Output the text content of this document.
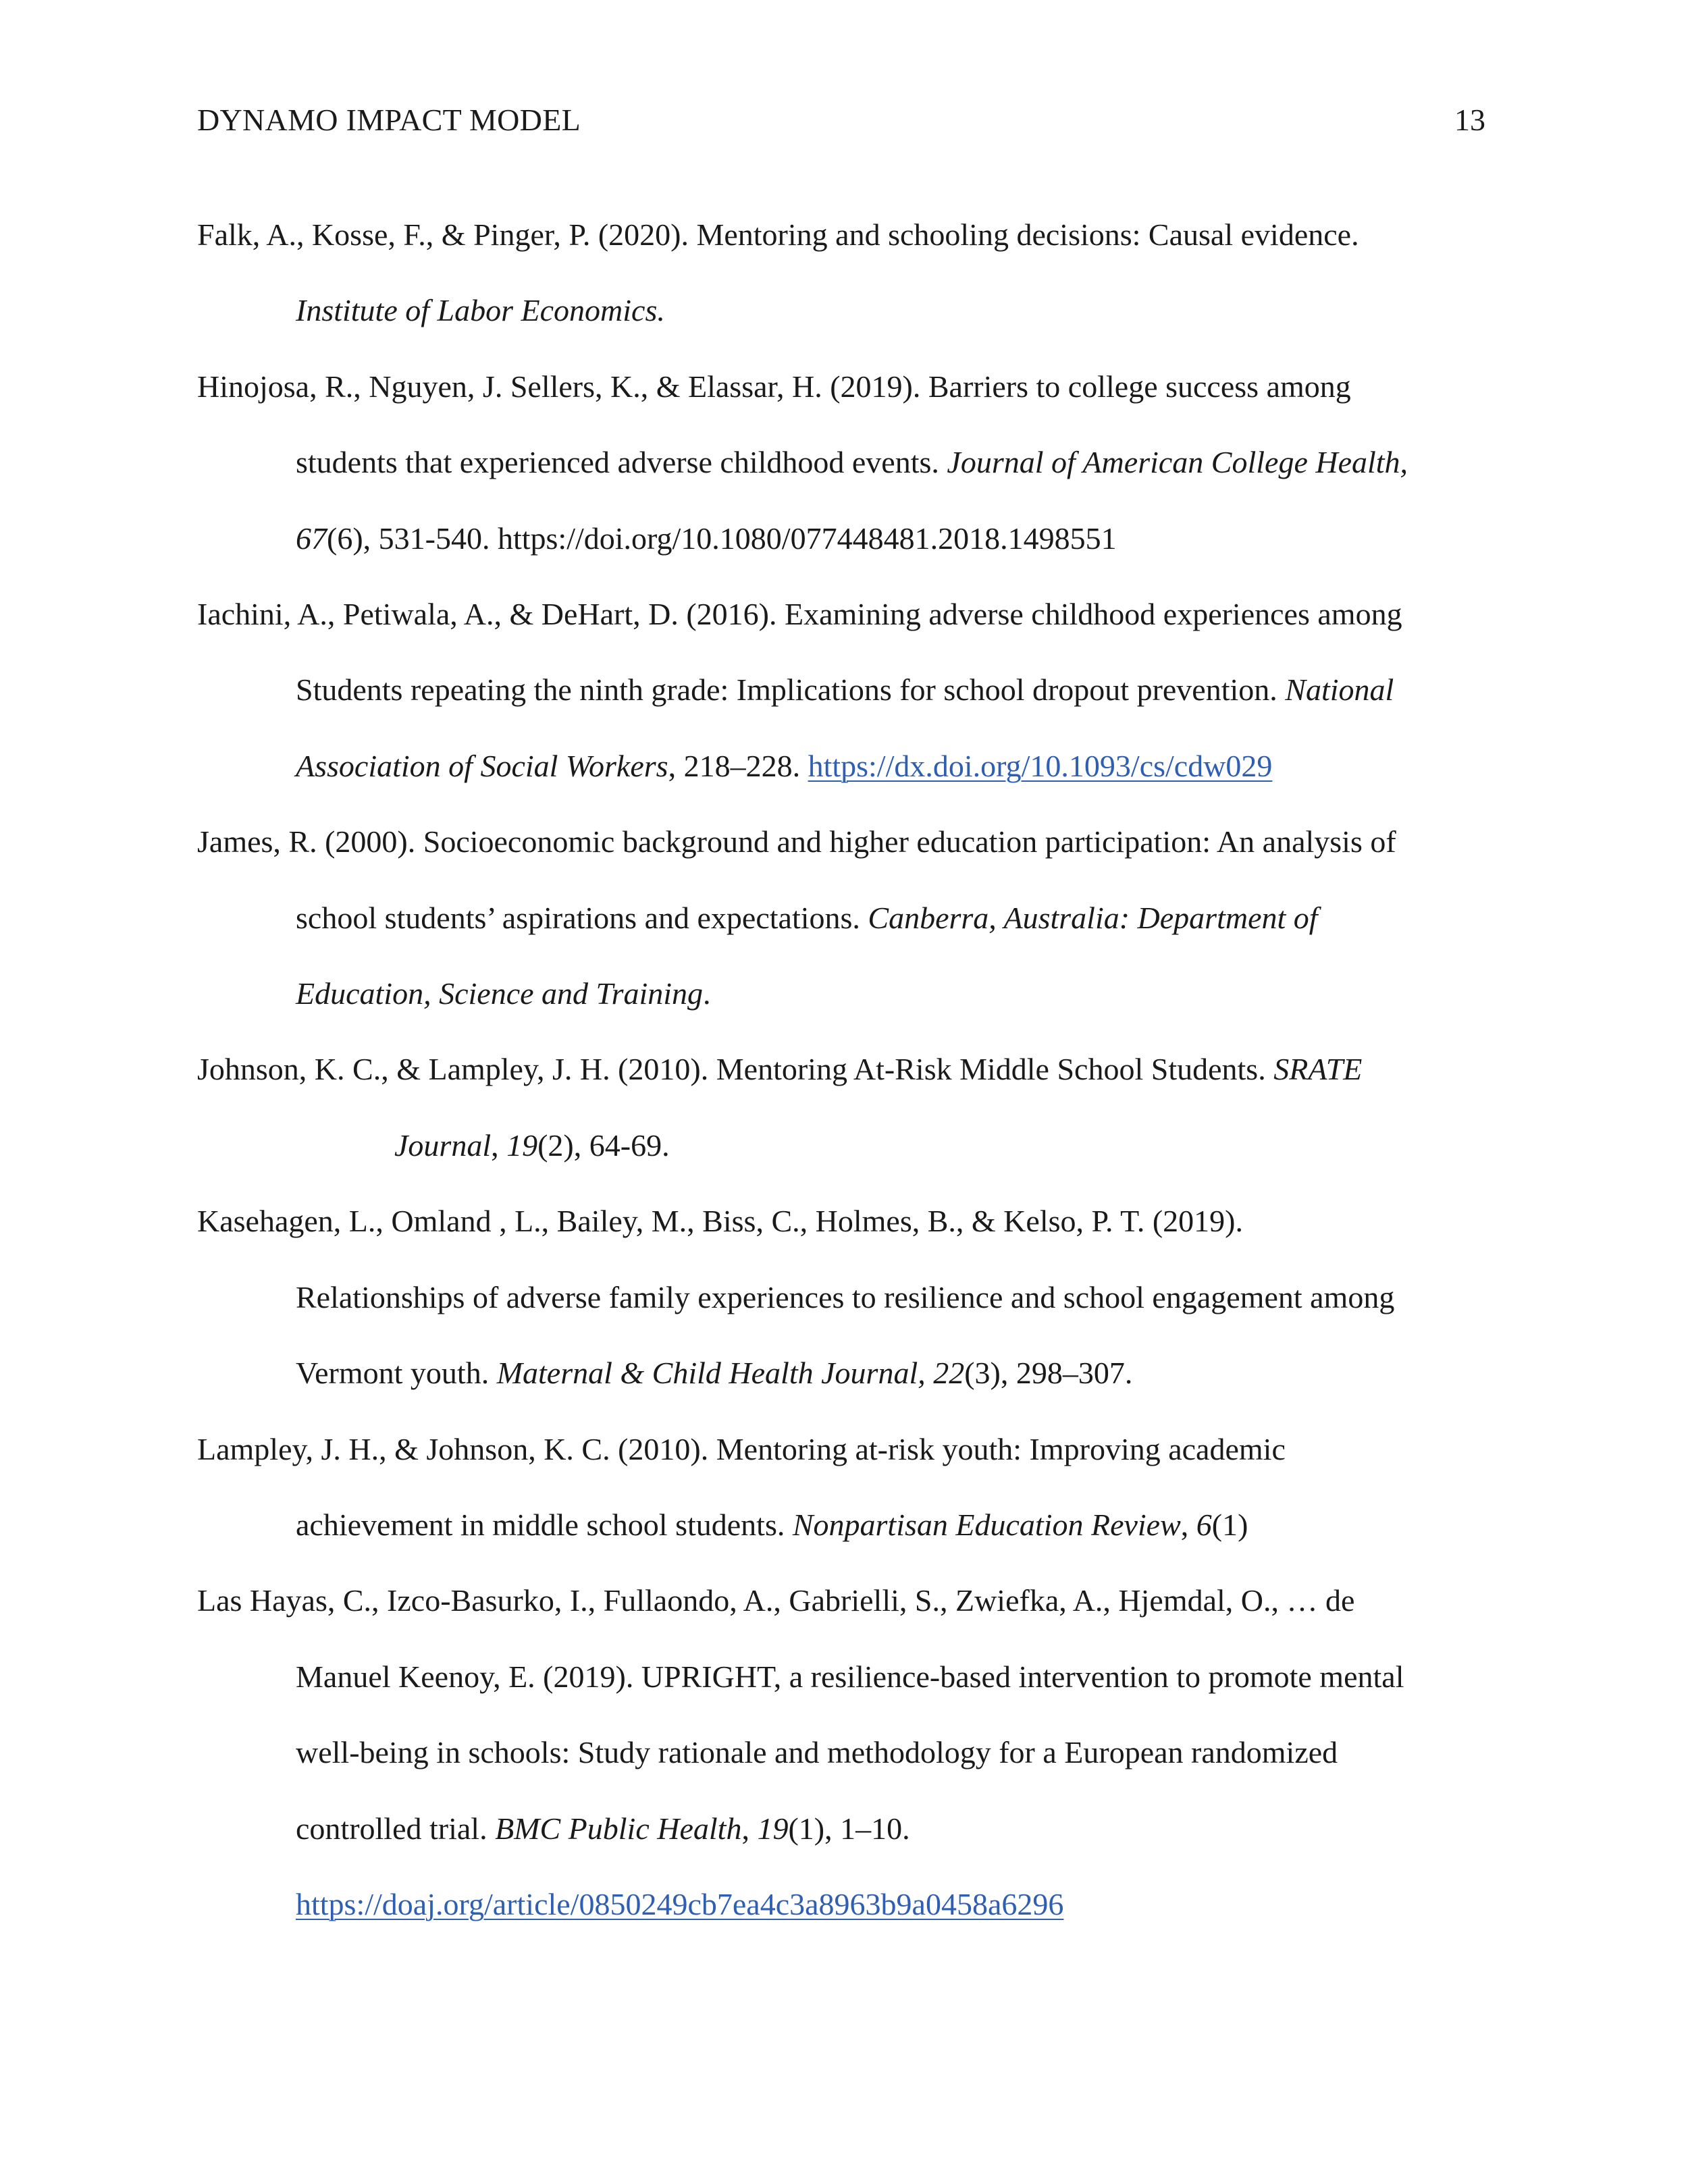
DYNAMO IMPACT MODEL	13
Falk, A., Kosse, F., & Pinger, P. (2020). Mentoring and schooling decisions: Causal evidence.
Institute of Labor Economics.
Hinojosa, R., Nguyen, J. Sellers, K., & Elassar, H. (2019). Barriers to college success among
students that experienced adverse childhood events. Journal of American College Health,
67(6), 531-540. https://doi.org/10.1080/077448481.2018.1498551
Iachini, A., Petiwala, A., & DeHart, D. (2016). Examining adverse childhood experiences among
Students repeating the ninth grade: Implications for school dropout prevention. National
Association of Social Workers, 218–228. https://dx.doi.org/10.1093/cs/cdw029
James, R. (2000). Socioeconomic background and higher education participation: An analysis of
school students’ aspirations and expectations. Canberra, Australia: Department of
Education, Science and Training.
Johnson, K. C., & Lampley, J. H. (2010). Mentoring At-Risk Middle School Students. SRATE
Journal, 19(2), 64-69.
Kasehagen, L., Omland , L., Bailey, M., Biss, C., Holmes, B., & Kelso, P. T. (2019).
Relationships of adverse family experiences to resilience and school engagement among
Vermont youth. Maternal & Child Health Journal, 22(3), 298–307.
Lampley, J. H., & Johnson, K. C. (2010). Mentoring at-risk youth: Improving academic
achievement in middle school students. Nonpartisan Education Review, 6(1)
Las Hayas, C., Izco-Basurko, I., Fullaondo, A., Gabrielli, S., Zwiefka, A., Hjemdal, O., … de
Manuel Keenoy, E. (2019). UPRIGHT, a resilience-based intervention to promote mental
well-being in schools: Study rationale and methodology for a European randomized
controlled trial. BMC Public Health, 19(1), 1–10.
https://doaj.org/article/0850249cb7ea4c3a8963b9a0458a6296
